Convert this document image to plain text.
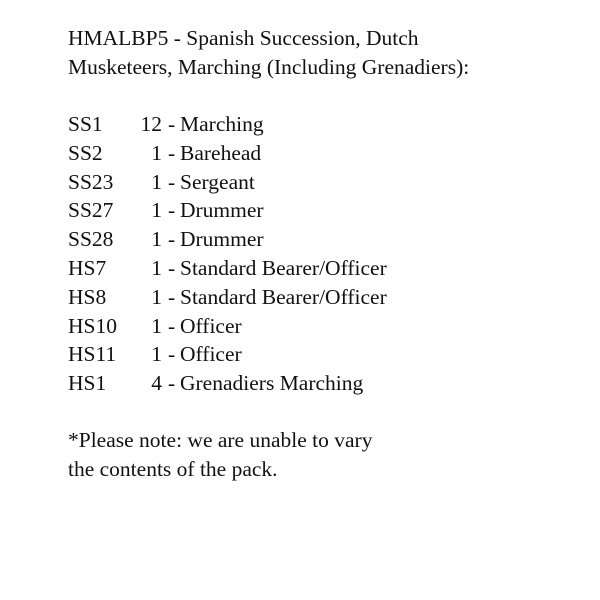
HMALBP5 - Spanish Succession, Dutch
Musketeers, Marching (Including Grenadiers):
SS1	12 - Marching
SS2	1 - Barehead
SS23	1 - Sergeant
SS27	1 - Drummer
SS28	1 - Drummer
HS7	1 - Standard Bearer/Officer
HS8	1 - Standard Bearer/Officer
HS10	1 - Officer
HS11	1 - Officer
HS1	4 - Grenadiers Marching

*Please note: we are unable to vary
the contents of the pack.
